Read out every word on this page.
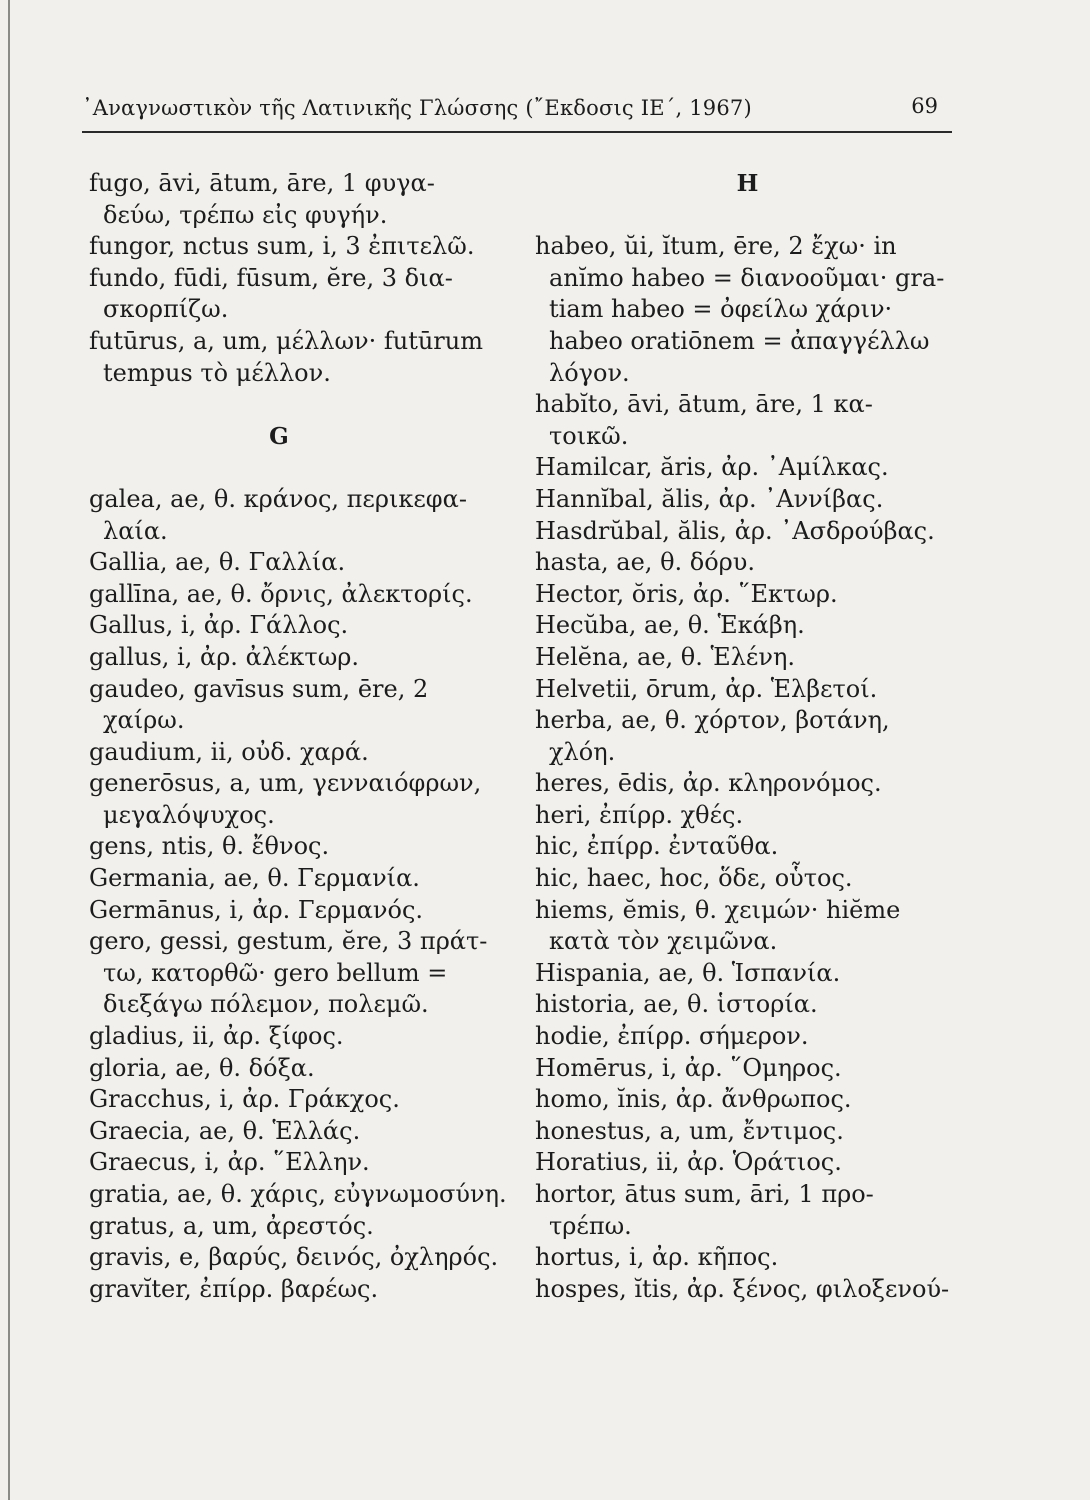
᾿Αναγνωστικὸν τῆς Λατινικῆς Γλώσσης (῎Εκδοσις ΙΕ΄, 1967)	69
fugo, āvi, ātum, āre, 1 φυγα-
δεύω, τρέπω εἰς φυγήν.
fungor, nctus sum, i, 3 ἐπιτελῶ.
fundo, fūdi, fūsum, ĕre, 3 δια-
σκορπίζω.
futūrus, a, um, μέλλων· futūrum
tempus τὸ μέλλον.
G
galea, ae, θ. κράνος, περικεφα-
λαία.
Gallia, ae, θ. Γαλλία.
gallīna, ae, θ. ὄρνις, ἀλεκτορίς.
Gallus, i, ἀρ. Γάλλος.
gallus, i, ἀρ. ἀλέκτωρ.
gaudeo, gavīsus sum, ēre, 2
χαίρω.
gaudium, ii, οὐδ. χαρά.
generōsus, a, um, γενναιόφρων,
μεγαλόψυχος.
gens, ntis, θ. ἔθνος.
Germania, ae, θ. Γερμανία.
Germānus, i, ἀρ. Γερμανός.
gero, gessi, gestum, ĕre, 3 πράτ-
τω, κατορθῶ· gero bellum =
διεξάγω πόλεμον, πολεμῶ.
gladius, ii, ἀρ. ξίφος.
gloria, ae, θ. δόξα.
Gracchus, i, ἀρ. Γράκχος.
Graecia, ae, θ. Ἑλλάς.
Graecus, i, ἀρ. ῞Ελλην.
gratia, ae, θ. χάρις, εὐγνωμοσύνη.
gratus, a, um, ἀρεστός.
gravis, e, βαρύς, δεινός, ὀχληρός.
gravĭter, ἐπίρρ. βαρέως.
H
habeo, ŭi, ĭtum, ēre, 2 ἔχω· in
anĭmo habeo = διανοοῦμαι· gra-
tiam habeo = ὀφείλω χάριν·
habeo oratiōnem = ἀπαγγέλλω
λόγον.
habĭto, āvi, ātum, āre, 1 κα-
τοικῶ.
Hamilcar, ăris, ἀρ. ᾿Αμίλκας.
Hannĭbal, ălis, ἀρ. ᾿Αννίβας.
Hasdrŭbal, ălis, ἀρ. ᾿Ασδρούβας.
hasta, ae, θ. δόρυ.
Hector, ŏris, ἀρ. ῞Εκτωρ.
Hecŭba, ae, θ. Ἑκάβη.
Helĕna, ae, θ. Ἑλένη.
Helvetii, ōrum, ἀρ. Ἑλβετοί.
herba, ae, θ. χόρτον, βοτάνη,
χλόη.
heres, ēdis, ἀρ. κληρονόμος.
heri, ἐπίρρ. χθές.
hic, ἐπίρρ. ἐνταῦθα.
hic, haec, hoc, ὅδε, οὗτος.
hiems, ĕmis, θ. χειμών· hiĕme
κατὰ τὸν χειμῶνα.
Hispania, ae, θ. Ἱσπανία.
historia, ae, θ. ἱστορία.
hodie, ἐπίρρ. σήμερον.
Homērus, i, ἀρ. ῞Ομηρος.
homo, ĭnis, ἀρ. ἄνθρωπος.
honestus, a, um, ἔντιμος.
Horatius, ii, ἀρ. Ὁράτιος.
hortor, ātus sum, āri, 1 προ-
τρέπω.
hortus, i, ἀρ. κῆπος.
hospes, ĭtis, ἀρ. ξένος, φιλοξενού-
